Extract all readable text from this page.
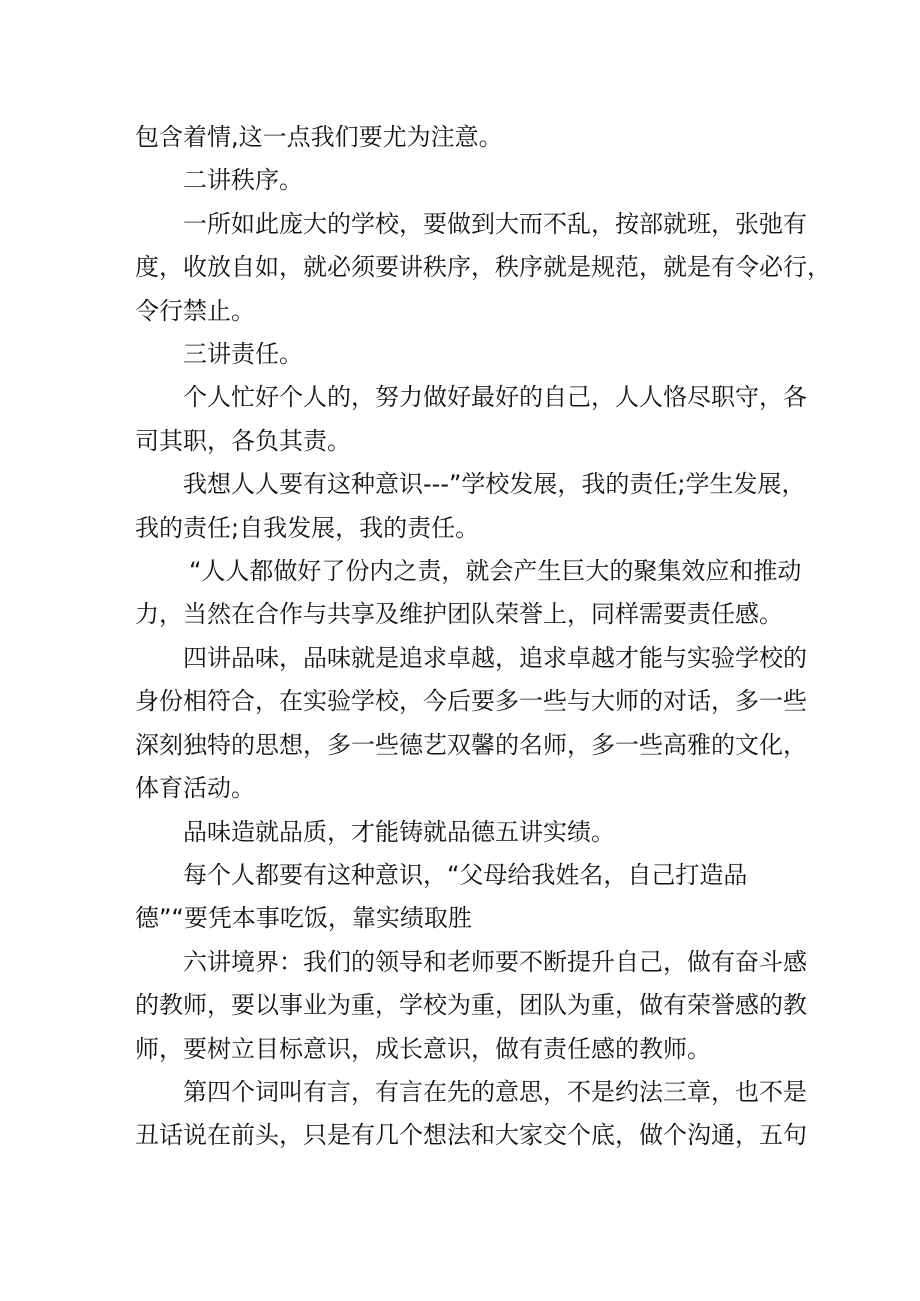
包含着情,这一点我们要尤为注意。

二讲秩序。

一所如此庞大的学校，要做到大而不乱，按部就班，张弛有

度，收放自如，就必须要讲秩序，秩序就是规范，就是有令必行，

令行禁止。

三讲责任。

个人忙好个人的，努力做好最好的自己，人人恪尽职守，各

司其职，各负其责。

我想人人要有这种意识---”学校发展，我的责任;学生发展，

我的责任;自我发展，我的责任。

“人人都做好了份内之责，就会产生巨大的聚集效应和推动

力，当然在合作与共享及维护团队荣誉上，同样需要责任感。

四讲品味，品味就是追求卓越，追求卓越才能与实验学校的

身份相符合，在实验学校，今后要多一些与大师的对话，多一些

深刻独特的思想，多一些德艺双馨的名师，多一些高雅的文化，

体育活动。

品味造就品质，才能铸就品德五讲实绩。

每个人都要有这种意识，“父母给我姓名，自己打造品

德”“要凭本事吃饭，靠实绩取胜

六讲境界：我们的领导和老师要不断提升自己，做有奋斗感

的教师，要以事业为重，学校为重，团队为重，做有荣誉感的教

师，要树立目标意识，成长意识，做有责任感的教师。

第四个词叫有言，有言在先的意思，不是约法三章，也不是

丑话说在前头，只是有几个想法和大家交个底，做个沟通，五句
